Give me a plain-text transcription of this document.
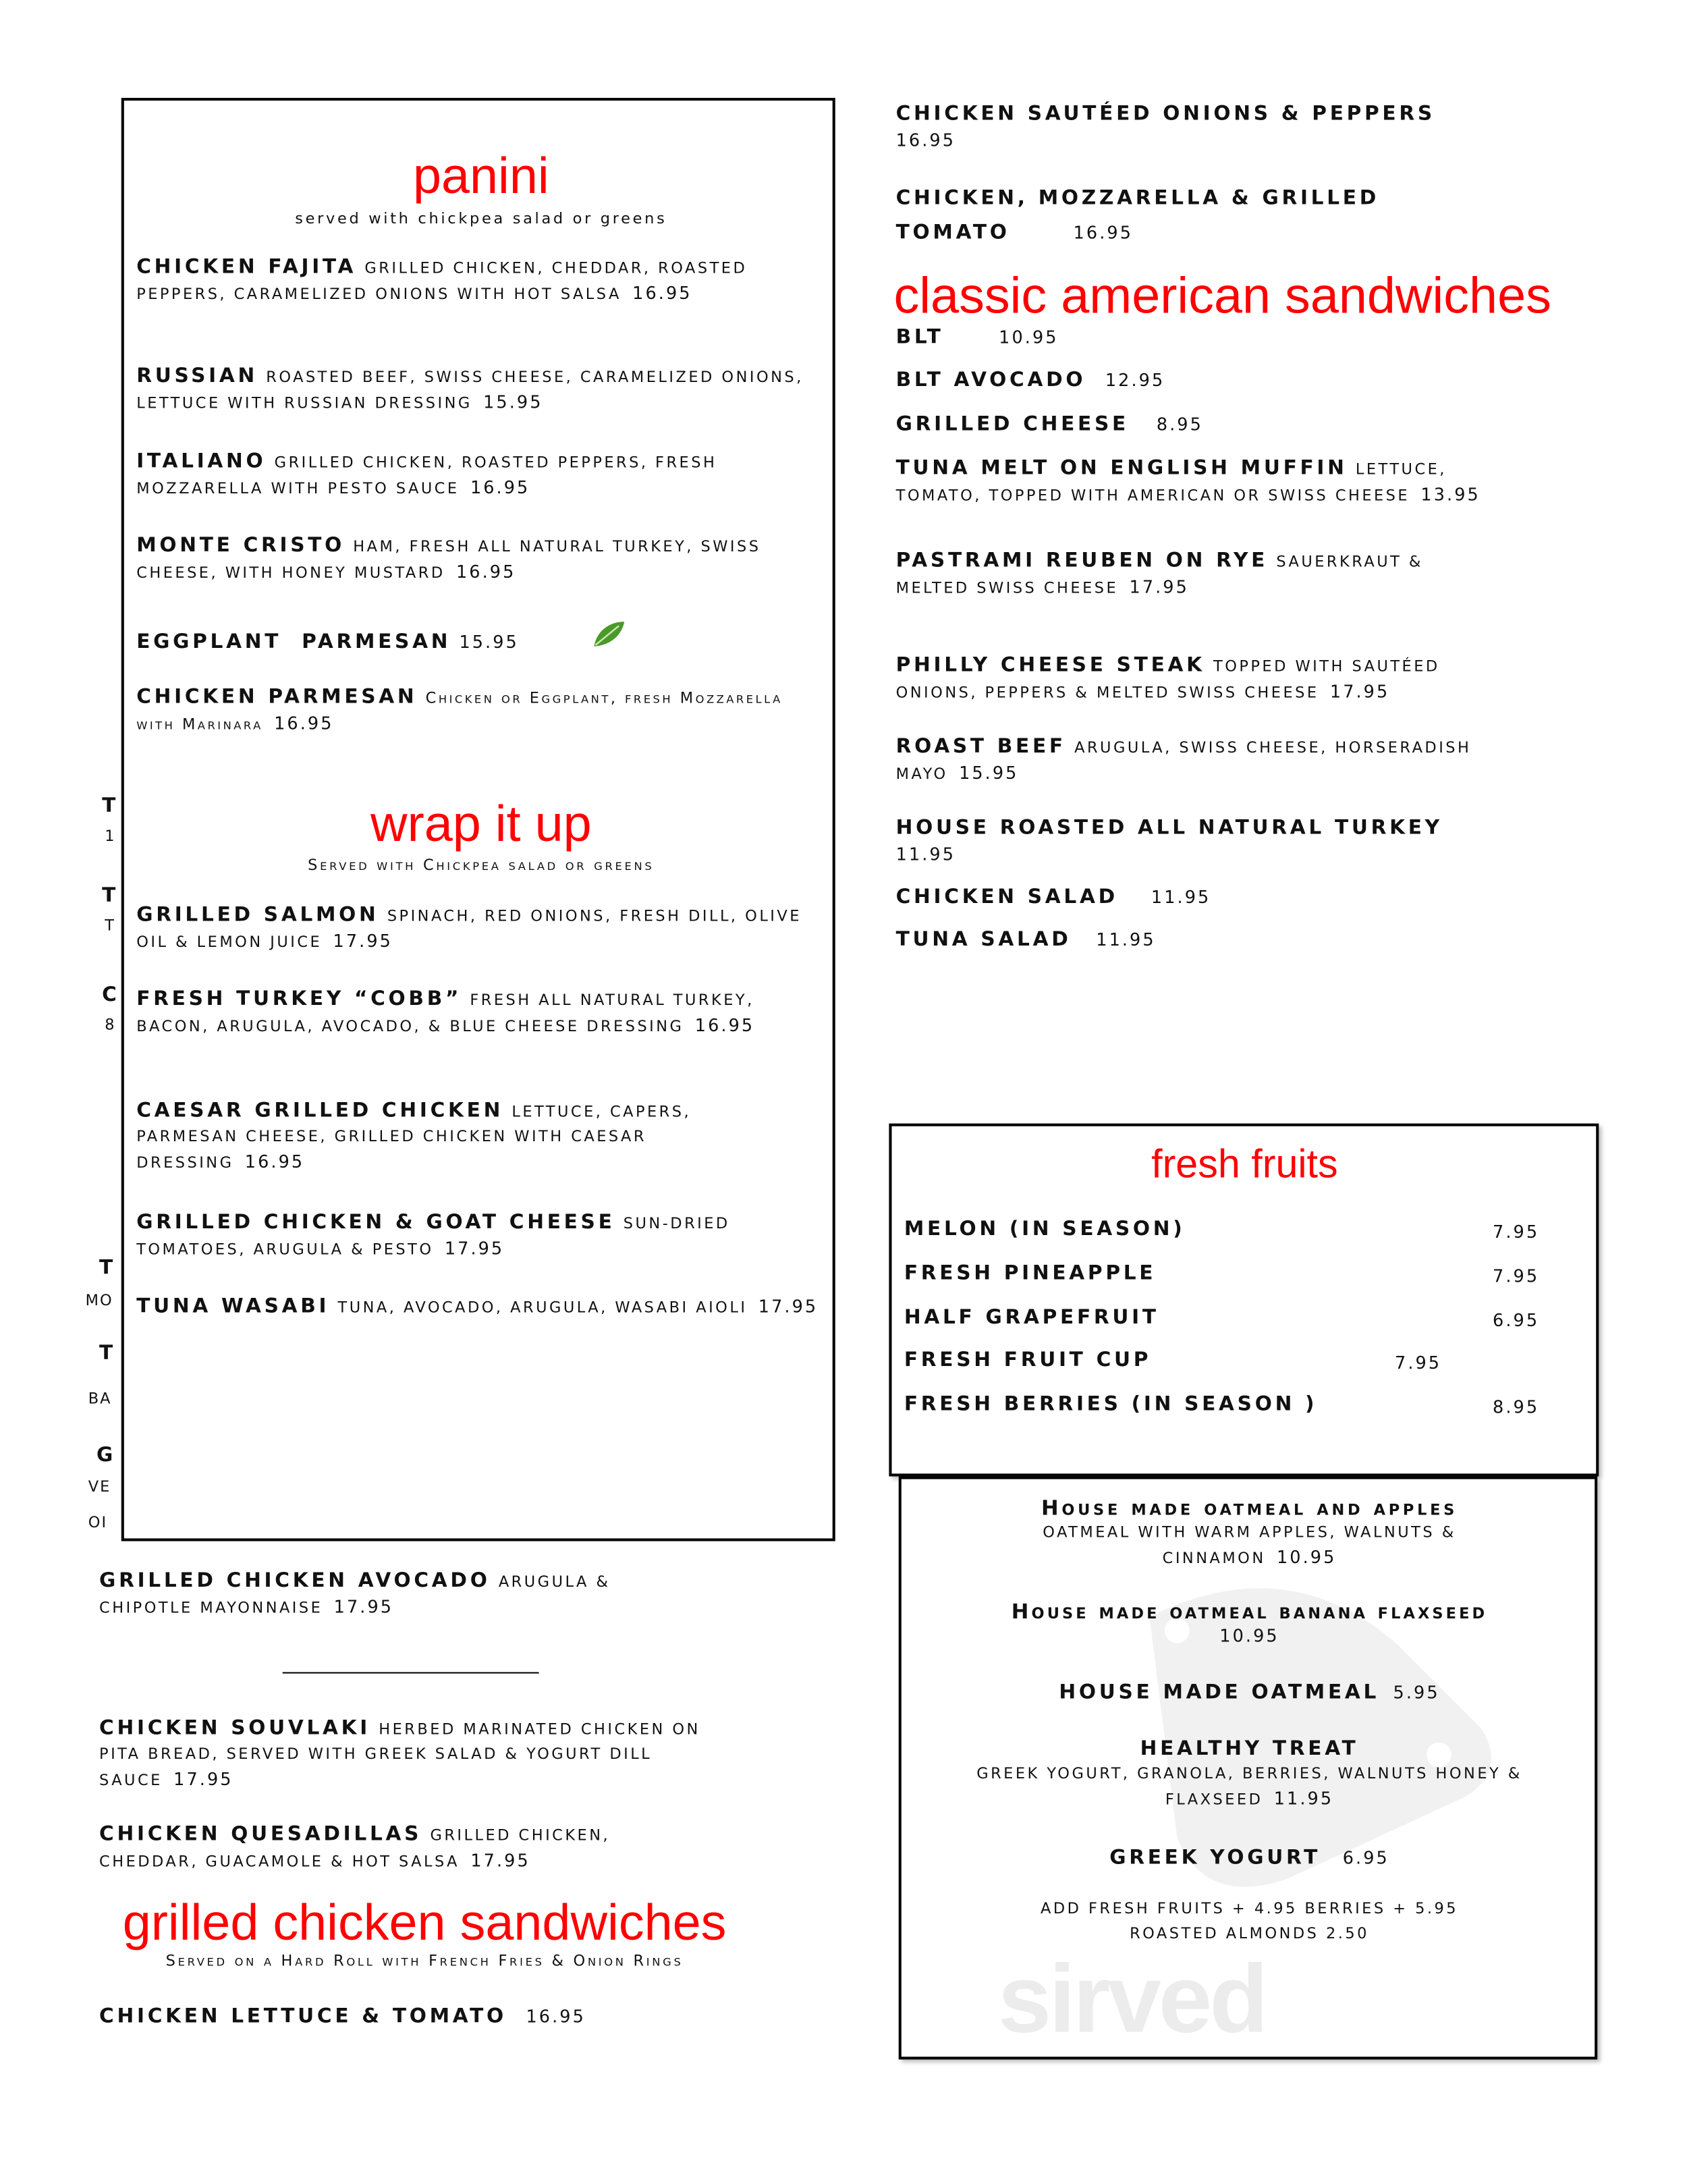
T
1
T
T
C
8
T
MO
T
BA
G
VE
OI
panini
served with chickpea salad or greens
CHICKEN FAJITA GRILLED CHICKEN, CHEDDAR, ROASTED PEPPERS, CARAMELIZED ONIONS WITH HOT SALSA 16.95
RUSSIAN ROASTED BEEF, SWISS CHEESE, CARAMELIZED ONIONS, LETTUCE WITH RUSSIAN DRESSING 15.95
ITALIANO GRILLED CHICKEN, ROASTED PEPPERS, FRESH MOZZARELLA WITH PESTO SAUCE 16.95
MONTE CRISTO HAM, FRESH ALL NATURAL TURKEY, SWISS CHEESE, WITH HONEY MUSTARD 16.95
EGGPLANT  PARMESAN 15.95

CHICKEN PARMESAN Chicken or Eggplant, fresh Mozzarella with Marinara 16.95
wrap it up
Served with Chickpea salad or greens
GRILLED SALMON SPINACH, RED ONIONS, FRESH DILL, OLIVE OIL & LEMON JUICE 17.95
FRESH TURKEY “COBB” FRESH ALL NATURAL TURKEY, BACON, ARUGULA, AVOCADO, & BLUE CHEESE DRESSING 16.95
CAESAR GRILLED CHICKEN LETTUCE, CAPERS, PARMESAN CHEESE, GRILLED CHICKEN WITH CAESAR DRESSING 16.95
GRILLED CHICKEN & GOAT CHEESE SUN-DRIED TOMATOES, ARUGULA & PESTO 17.95
TUNA WASABI TUNA, AVOCADO, ARUGULA, WASABI AIOLI 17.95
GRILLED CHICKEN AVOCADO ARUGULA & CHIPOTLE MAYONNAISE 17.95
CHICKEN SOUVLAKI HERBED MARINATED CHICKEN ON PITA BREAD, SERVED WITH GREEK SALAD & YOGURT DILL SAUCE 17.95
CHICKEN QUESADILLAS GRILLED CHICKEN, CHEDDAR, GUACAMOLE & HOT SALSA 17.95
grilled chicken sandwiches
Served on a Hard Roll with French Fries & Onion Rings
CHICKEN LETTUCE & TOMATO 16.95
CHICKEN SAUTÉED ONIONS & PEPPERS
16.95
CHICKEN, MOZZARELLA & GRILLED TOMATO	16.95
classic american sandwiches
BLT	10.95
BLT AVOCADO 12.95
GRILLED CHEESE	8.95
TUNA MELT ON ENGLISH MUFFIN LETTUCE, TOMATO, TOPPED WITH AMERICAN OR SWISS CHEESE 13.95
PASTRAMI REUBEN ON RYE SAUERKRAUT & MELTED SWISS CHEESE 17.95
PHILLY CHEESE STEAK TOPPED WITH SAUTÉED ONIONS, PEPPERS & MELTED SWISS CHEESE 17.95
ROAST BEEF ARUGULA, SWISS CHEESE, HORSERADISH MAYO 15.95
HOUSE ROASTED ALL NATURAL TURKEY
11.95
CHICKEN SALAD	11.95
TUNA SALAD	11.95
fresh fruits
MELON (IN SEASON)	7.95
FRESH PINEAPPLE	7.95
HALF GRAPEFRUIT	6.95
FRESH FRUIT CUP	7.95
FRESH BERRIES (IN SEASON )	8.95
sirved
House made oatmeal and apples
OATMEAL WITH WARM APPLES, WALNUTS & CINNAMON 10.95
House made oatmeal banana flaxseed
10.95
HOUSE MADE OATMEAL 5.95
HEALTHY TREAT
GREEK YOGURT, GRANOLA, BERRIES, WALNUTS HONEY & FLAXSEED 11.95
GREEK YOGURT	6.95
ADD FRESH FRUITS + 4.95 BERRIES + 5.95
ROASTED ALMONDS 2.50
